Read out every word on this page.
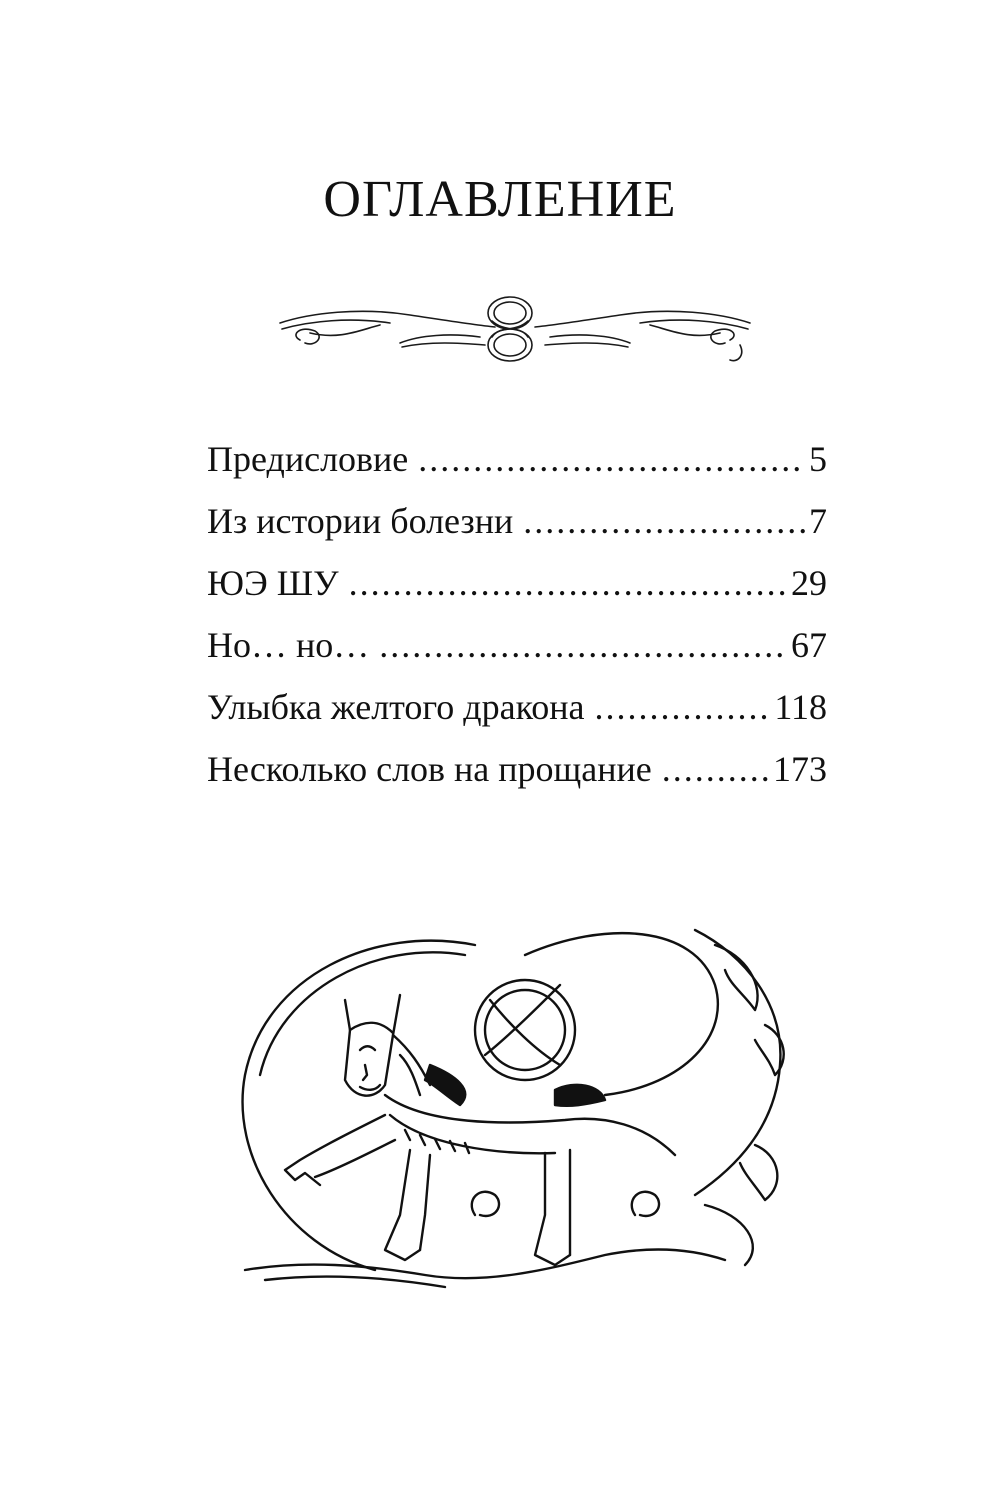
ОГЛАВЛЕНИЕ
Предисловие .....	5
Из истории болезни .....	7
ЮЭ ШУ .....	29
Но… но… .....	67
Улыбка желтого дракона .....	118
Несколько слов на прощание .....	173
